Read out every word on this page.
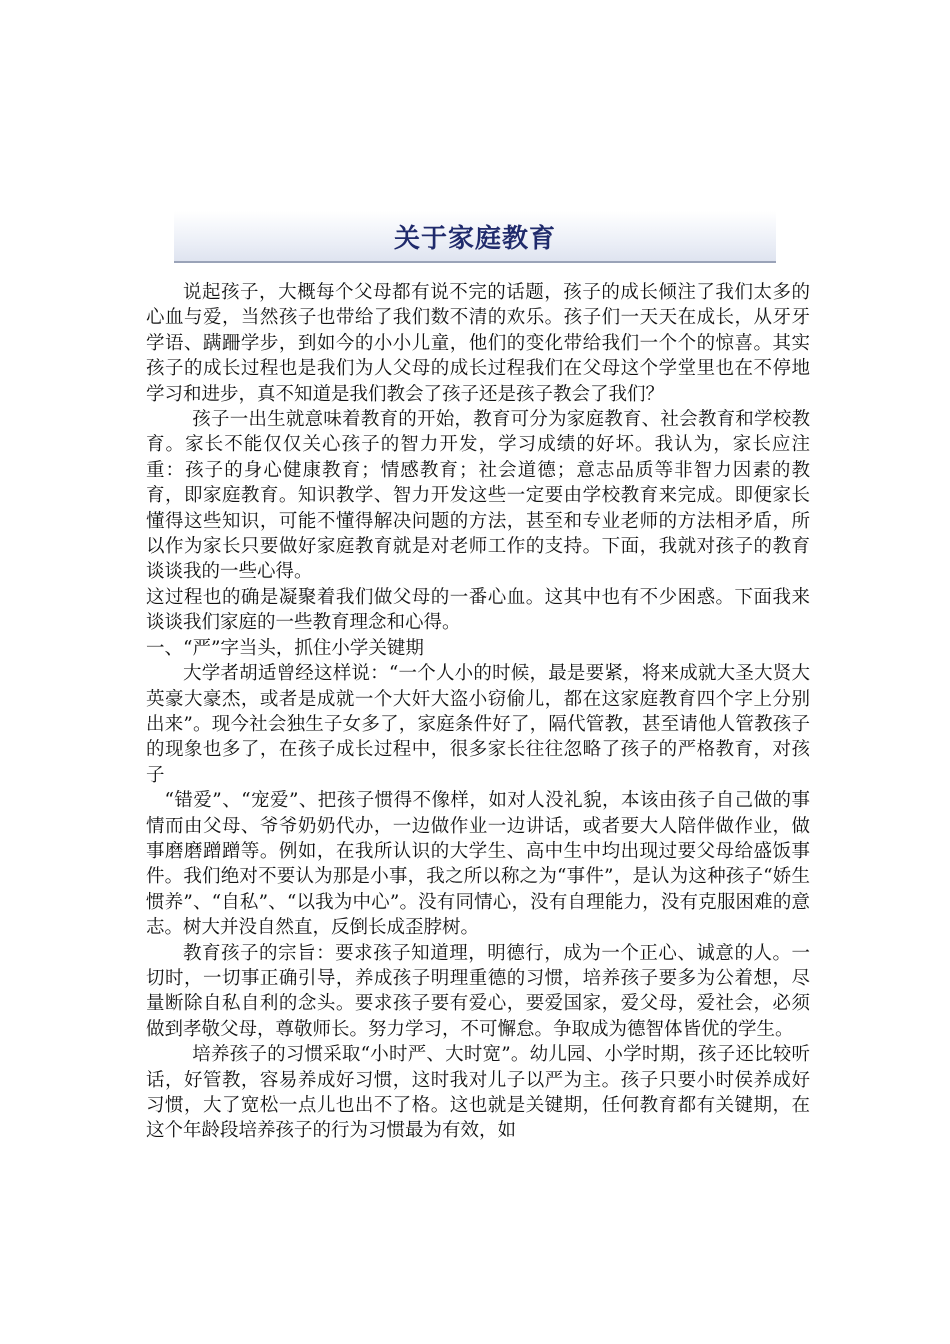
关于家庭教育

说起孩子，大概每个父母都有说不完的话题，孩子的成长倾注了我们太多的心血与爱，当然孩子也带给了我们数不清的欢乐。孩子们一天天在成长，从牙牙学语、蹒跚学步，到如今的小小儿童，他们的变化带给我们一个个的惊喜。其实孩子的成长过程也是我们为人父母的成长过程我们在父母这个学堂里也在不停地学习和进步，真不知道是我们教会了孩子还是孩子教会了我们？

孩子一出生就意味着教育的开始，教育可分为家庭教育、社会教育和学校教育。家长不能仅仅关心孩子的智力开发，学习成绩的好坏。我认为，家长应注重：孩子的身心健康教育；情感教育；社会道德；意志品质等非智力因素的教育，即家庭教育。知识教学、智力开发这些一定要由学校教育来完成。即便家长懂得这些知识，可能不懂得解决问题的方法，甚至和专业老师的方法相矛盾，所以作为家长只要做好家庭教育就是对老师工作的支持。下面，我就对孩子的教育谈谈我的一些心得。

这过程也的确是凝聚着我们做父母的一番心血。这其中也有不少困惑。下面我来谈谈我们家庭的一些教育理念和心得。

一、“严”字当头，抓住小学关键期

大学者胡适曾经这样说：“一个人小的时候，最是要紧，将来成就大圣大贤大英豪大豪杰，或者是成就一个大奸大盗小窃偷儿，都在这家庭教育四个字上分别出来”。现今社会独生子女多了，家庭条件好了，隔代管教，甚至请他人管教孩子的现象也多了，在孩子成长过程中，很多家长往往忽略了孩子的严格教育，对孩子

“错爱”、“宠爱”、把孩子惯得不像样，如对人没礼貌，本该由孩子自己做的事情而由父母、爷爷奶奶代办，一边做作业一边讲话，或者要大人陪伴做作业，做事磨磨蹭蹭等。例如，在我所认识的大学生、高中生中均出现过要父母给盛饭事件。我们绝对不要认为那是小事，我之所以称之为“事件”，是认为这种孩子“娇生惯养”、“自私”、“以我为中心”。没有同情心，没有自理能力，没有克服困难的意志。树大并没自然直，反倒长成歪脖树。

教育孩子的宗旨：要求孩子知道理，明德行，成为一个正心、诚意的人。一切时，一切事正确引导，养成孩子明理重德的习惯，培养孩子要多为公着想，尽量断除自私自利的念头。要求孩子要有爱心，要爱国家，爱父母，爱社会，必须做到孝敬父母，尊敬师长。努力学习，不可懈怠。争取成为德智体皆优的学生。

培养孩子的习惯采取“小时严、大时宽”。幼儿园、小学时期，孩子还比较听话，好管教，容易养成好习惯，这时我对儿子以严为主。孩子只要小时侯养成好习惯，大了宽松一点儿也出不了格。这也就是关键期，任何教育都有关键期，在这个年龄段培养孩子的行为习惯最为有效，如
